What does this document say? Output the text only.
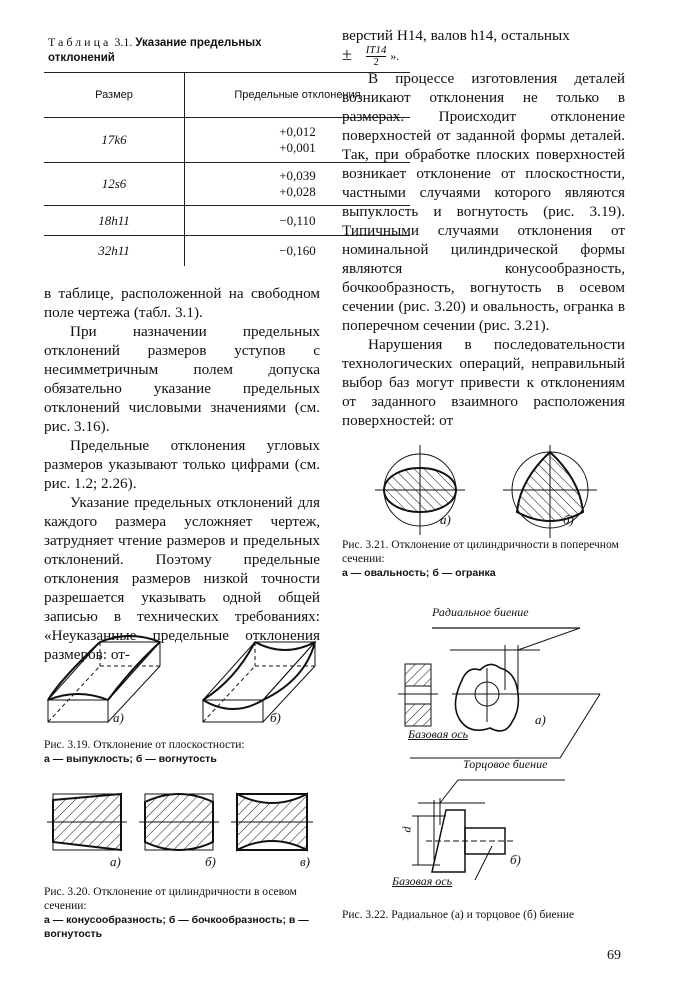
Таблица 3.1. Указание предельных отклонений
Размер	Предельные отклонения
17k6	+0,012
+0,001

12s6	+0,039
+0,028

18h11	−0,110
32h11	−0,160

в таблице, расположенной на свободном поле чертежа (табл. 3.1).

При назначении предельных отклонений размеров уступов с несимметричным полем допуска обязательно указание предельных отклонений числовыми значениями (см. рис. 3.16).

Предельные отклонения угловых размеров указывают только цифрами (см. рис. 1.2; 2.26).

Указание предельных отклонений для каждого размера усложняет чертеж, затрудняет чтение размеров и предельных отклонений. Поэтому предельные отклонения размеров низкой точности разрешается указывать одной общей записью в технических требованиях: «Неуказанные предельные отклонения размеров: от-

верстий H14, валов h14, остальных

± $\frac{IT14}{2}$ ».

В процессе изготовления деталей возникают отклонения не только в размерах. Происходит отклонение поверхностей от заданной формы деталей. Так, при обработке плоских поверхностей возникает отклонение от плоскостности, частными случаями которого являются выпуклость и вогнутость (рис. 3.19). Типичными случаями отклонения от номинальной цилиндрической формы являются конусообразность, бочкообразность, вогнутость в осевом сечении (рис. 3.20) и овальность, огранка в поперечном сечении (рис. 3.21).

Нарушения в последовательности технологических операций, неправильный выбор баз могут привести к отклонениям от заданного взаимного расположения поверхностей: от

а)	б)
Рис. 3.21. Отклонение от цилиндричности в поперечном сечении:
а — овальность; б — огранка
а)	б)
Рис. 3.19. Отклонение от плоскостности:
а — выпуклость; б — вогнутость
а)	б)	в)
Рис. 3.20. Отклонение от цилиндричности в осевом сечении:
а — конусообразность; б — бочкообразность; в — вогнутость
Радиальное биение
Базовая ось
а)
Торцовое биение
d
б)
Базовая ось
Рис. 3.22. Радиальное (а) и торцовое (б) биение
69
